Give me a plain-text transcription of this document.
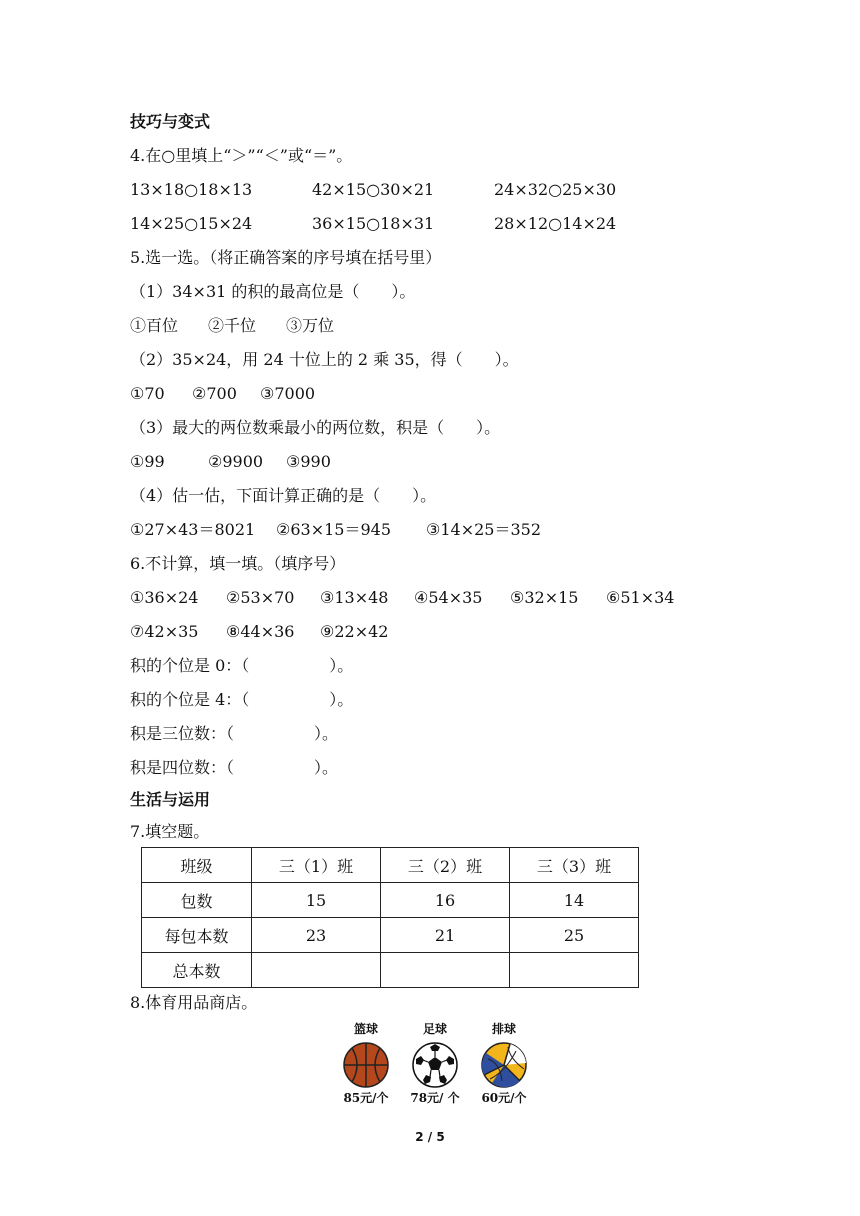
技巧与变式
4.在○里填上“＞”“＜”或“＝”。
13×18○18×13	42×15○30×21	24×32○25×30
14×25○15×24	36×15○18×31	28×12○14×24
5.选一选。（将正确答案的序号填在括号里）
（1）34×31 的积的最高位是（　　）。
①百位 ②千位 ③万位
（2）35×24，用 24 十位上的 2 乘 35，得（　　）。
①70 ②700 ③7000
（3）最大的两位数乘最小的两位数，积是（　　）。
①99	②9900 ③990
（4）估一估，下面计算正确的是（　　）。
①27×43＝8021 ②63×15＝945 ③14×25＝352
6.不计算，填一填。（填序号）
①36×24 ②53×70 ③13×48 ④54×35 ⑤32×15 ⑥51×34
⑦42×35 ⑧44×36 ⑨22×42
积的个位是 0：（　　　　　）。
积的个位是 4：（　　　　　）。
积是三位数：（　　　　　）。
积是四位数：（　　　　　）。
生活与运用
7.填空题。
班级	三（1）班	三（2）班	三（3）班
包数	15	16	14
每包本数	23	21	25
总本数			
8.体育用品商店。
篮球
85元/个
足球
78元/ 个
排球
60元/个
2 / 5
